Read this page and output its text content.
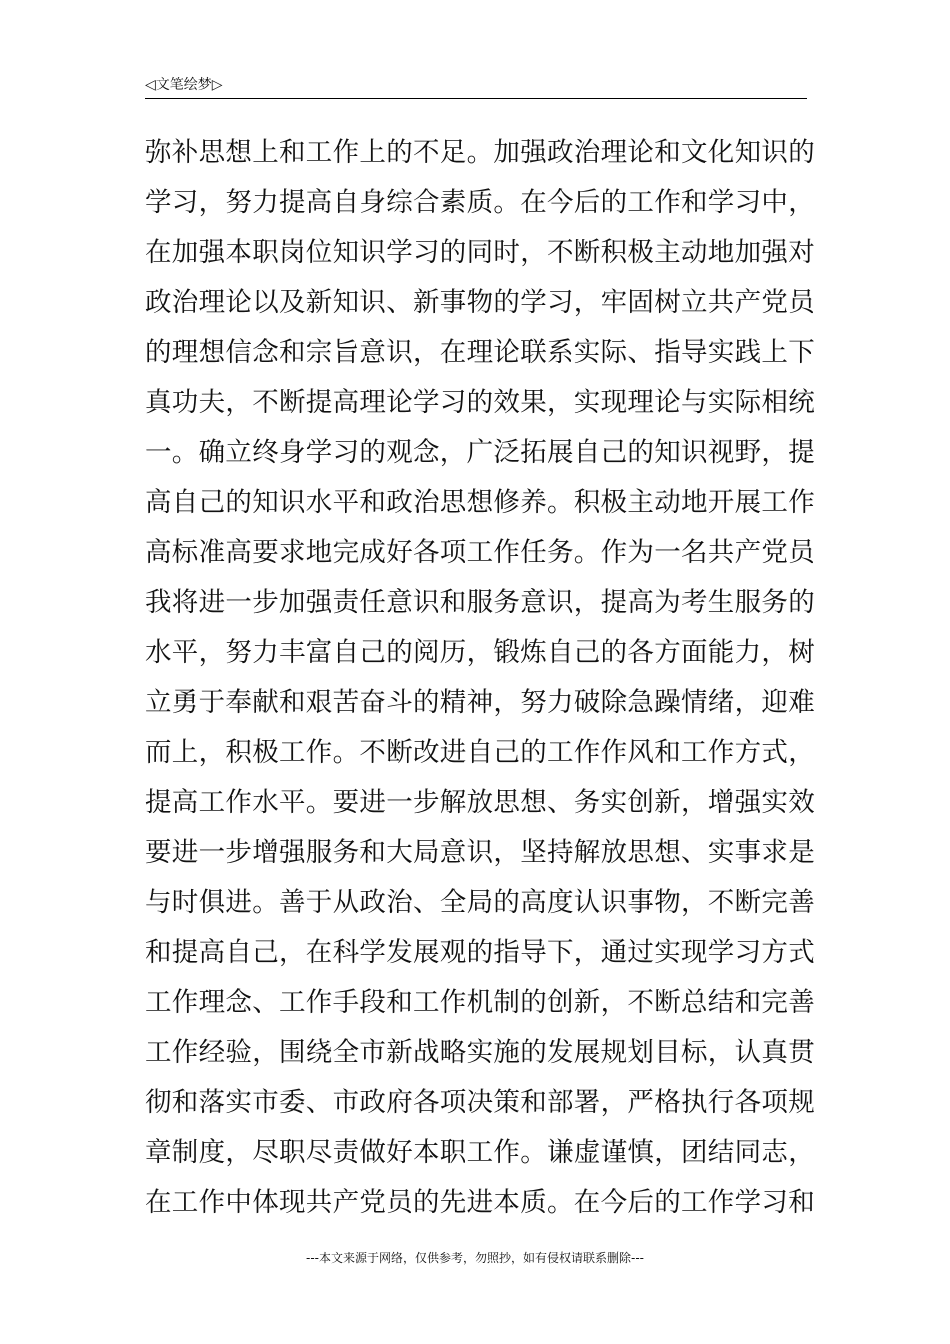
◁文笔绘梦▷
弥补思想上和工作上的不足。加强政治理论和文化知识的
学习，努力提高自身综合素质。在今后的工作和学习中，
在加强本职岗位知识学习的同时，不断积极主动地加强对
政治理论以及新知识、新事物的学习，牢固树立共产党员
的理想信念和宗旨意识，在理论联系实际、指导实践上下
真功夫，不断提高理论学习的效果，实现理论与实际相统
一。确立终身学习的观念，广泛拓展自己的知识视野，提
高自己的知识水平和政治思想修养。积极主动地开展工作
高标准高要求地完成好各项工作任务。作为一名共产党员
我将进一步加强责任意识和服务意识，提高为考生服务的
水平，努力丰富自己的阅历，锻炼自己的各方面能力，树
立勇于奉献和艰苦奋斗的精神，努力破除急躁情绪，迎难
而上，积极工作。不断改进自己的工作作风和工作方式，
提高工作水平。要进一步解放思想、务实创新，增强实效
要进一步增强服务和大局意识，坚持解放思想、实事求是
与时俱进。善于从政治、全局的高度认识事物，不断完善
和提高自己，在科学发展观的指导下，通过实现学习方式
工作理念、工作手段和工作机制的创新，不断总结和完善
工作经验，围绕全市新战略实施的发展规划目标，认真贯
彻和落实市委、市政府各项决策和部署，严格执行各项规
章制度，尽职尽责做好本职工作。谦虚谨慎，团结同志，
在工作中体现共产党员的先进本质。在今后的工作学习和
---本文来源于网络，仅供参考，勿照抄，如有侵权请联系删除---
